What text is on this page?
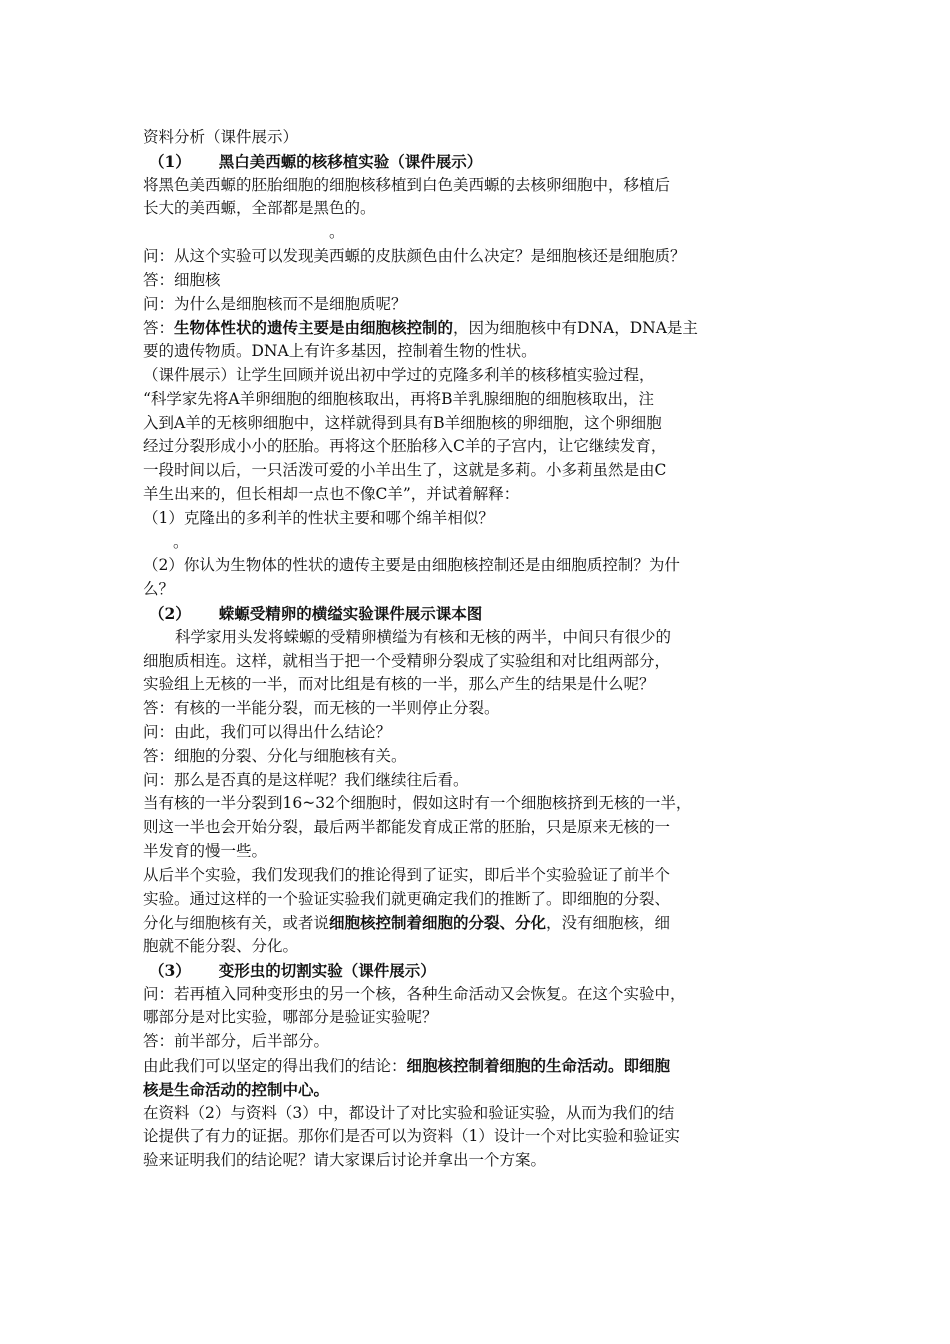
资料分析（课件展示）
（1） 黑白美西螈的核移植实验（课件展示）
将黑色美西螈的胚胎细胞的细胞核移植到白色美西螈的去核卵细胞中，移植后
长大的美西螈，全部都是黑色的。
。
问：从这个实验可以发现美西螈的皮肤颜色由什么决定？是细胞核还是细胞质？
答：细胞核
问：为什么是细胞核而不是细胞质呢？
答：生物体性状的遗传主要是由细胞核控制的，因为细胞核中有DNA，DNA是主
要的遗传物质。DNA上有许多基因，控制着生物的性状。
（课件展示）让学生回顾并说出初中学过的克隆多利羊的核移植实验过程，
“科学家先将A羊卵细胞的细胞核取出，再将B羊乳腺细胞的细胞核取出，注
入到A羊的无核卵细胞中，这样就得到具有B羊细胞核的卵细胞，这个卵细胞
经过分裂形成小小的胚胎。再将这个胚胎移入C羊的子宫内，让它继续发育，
一段时间以后，一只活泼可爱的小羊出生了，这就是多莉。小多莉虽然是由C
羊生出来的，但长相却一点也不像C羊”，并试着解释：
（1）克隆出的多利羊的性状主要和哪个绵羊相似？
。
（2）你认为生物体的性状的遗传主要是由细胞核控制还是由细胞质控制？为什
么？
（2） 蝾螈受精卵的横缢实验课件展示课本图
科学家用头发将蝾螈的受精卵横缢为有核和无核的两半，中间只有很少的
细胞质相连。这样，就相当于把一个受精卵分裂成了实验组和对比组两部分，
实验组上无核的一半，而对比组是有核的一半，那么产生的结果是什么呢？
答：有核的一半能分裂，而无核的一半则停止分裂。
问：由此，我们可以得出什么结论？
答：细胞的分裂、分化与细胞核有关。
问：那么是否真的是这样呢？我们继续往后看。
当有核的一半分裂到16~32个细胞时，假如这时有一个细胞核挤到无核的一半，
则这一半也会开始分裂，最后两半都能发育成正常的胚胎，只是原来无核的一
半发育的慢一些。
从后半个实验，我们发现我们的推论得到了证实，即后半个实验验证了前半个
实验。通过这样的一个验证实验我们就更确定我们的推断了。即细胞的分裂、
分化与细胞核有关，或者说细胞核控制着细胞的分裂、分化，没有细胞核，细
胞就不能分裂、分化。
（3） 变形虫的切割实验（课件展示）
问：若再植入同种变形虫的另一个核，各种生命活动又会恢复。在这个实验中，
哪部分是对比实验，哪部分是验证实验呢？
答：前半部分，后半部分。
由此我们可以坚定的得出我们的结论：细胞核控制着细胞的生命活动。即细胞
核是生命活动的控制中心。
在资料（2）与资料（3）中，都设计了对比实验和验证实验，从而为我们的结
论提供了有力的证据。那你们是否可以为资料（1）设计一个对比实验和验证实
验来证明我们的结论呢？请大家课后讨论并拿出一个方案。
